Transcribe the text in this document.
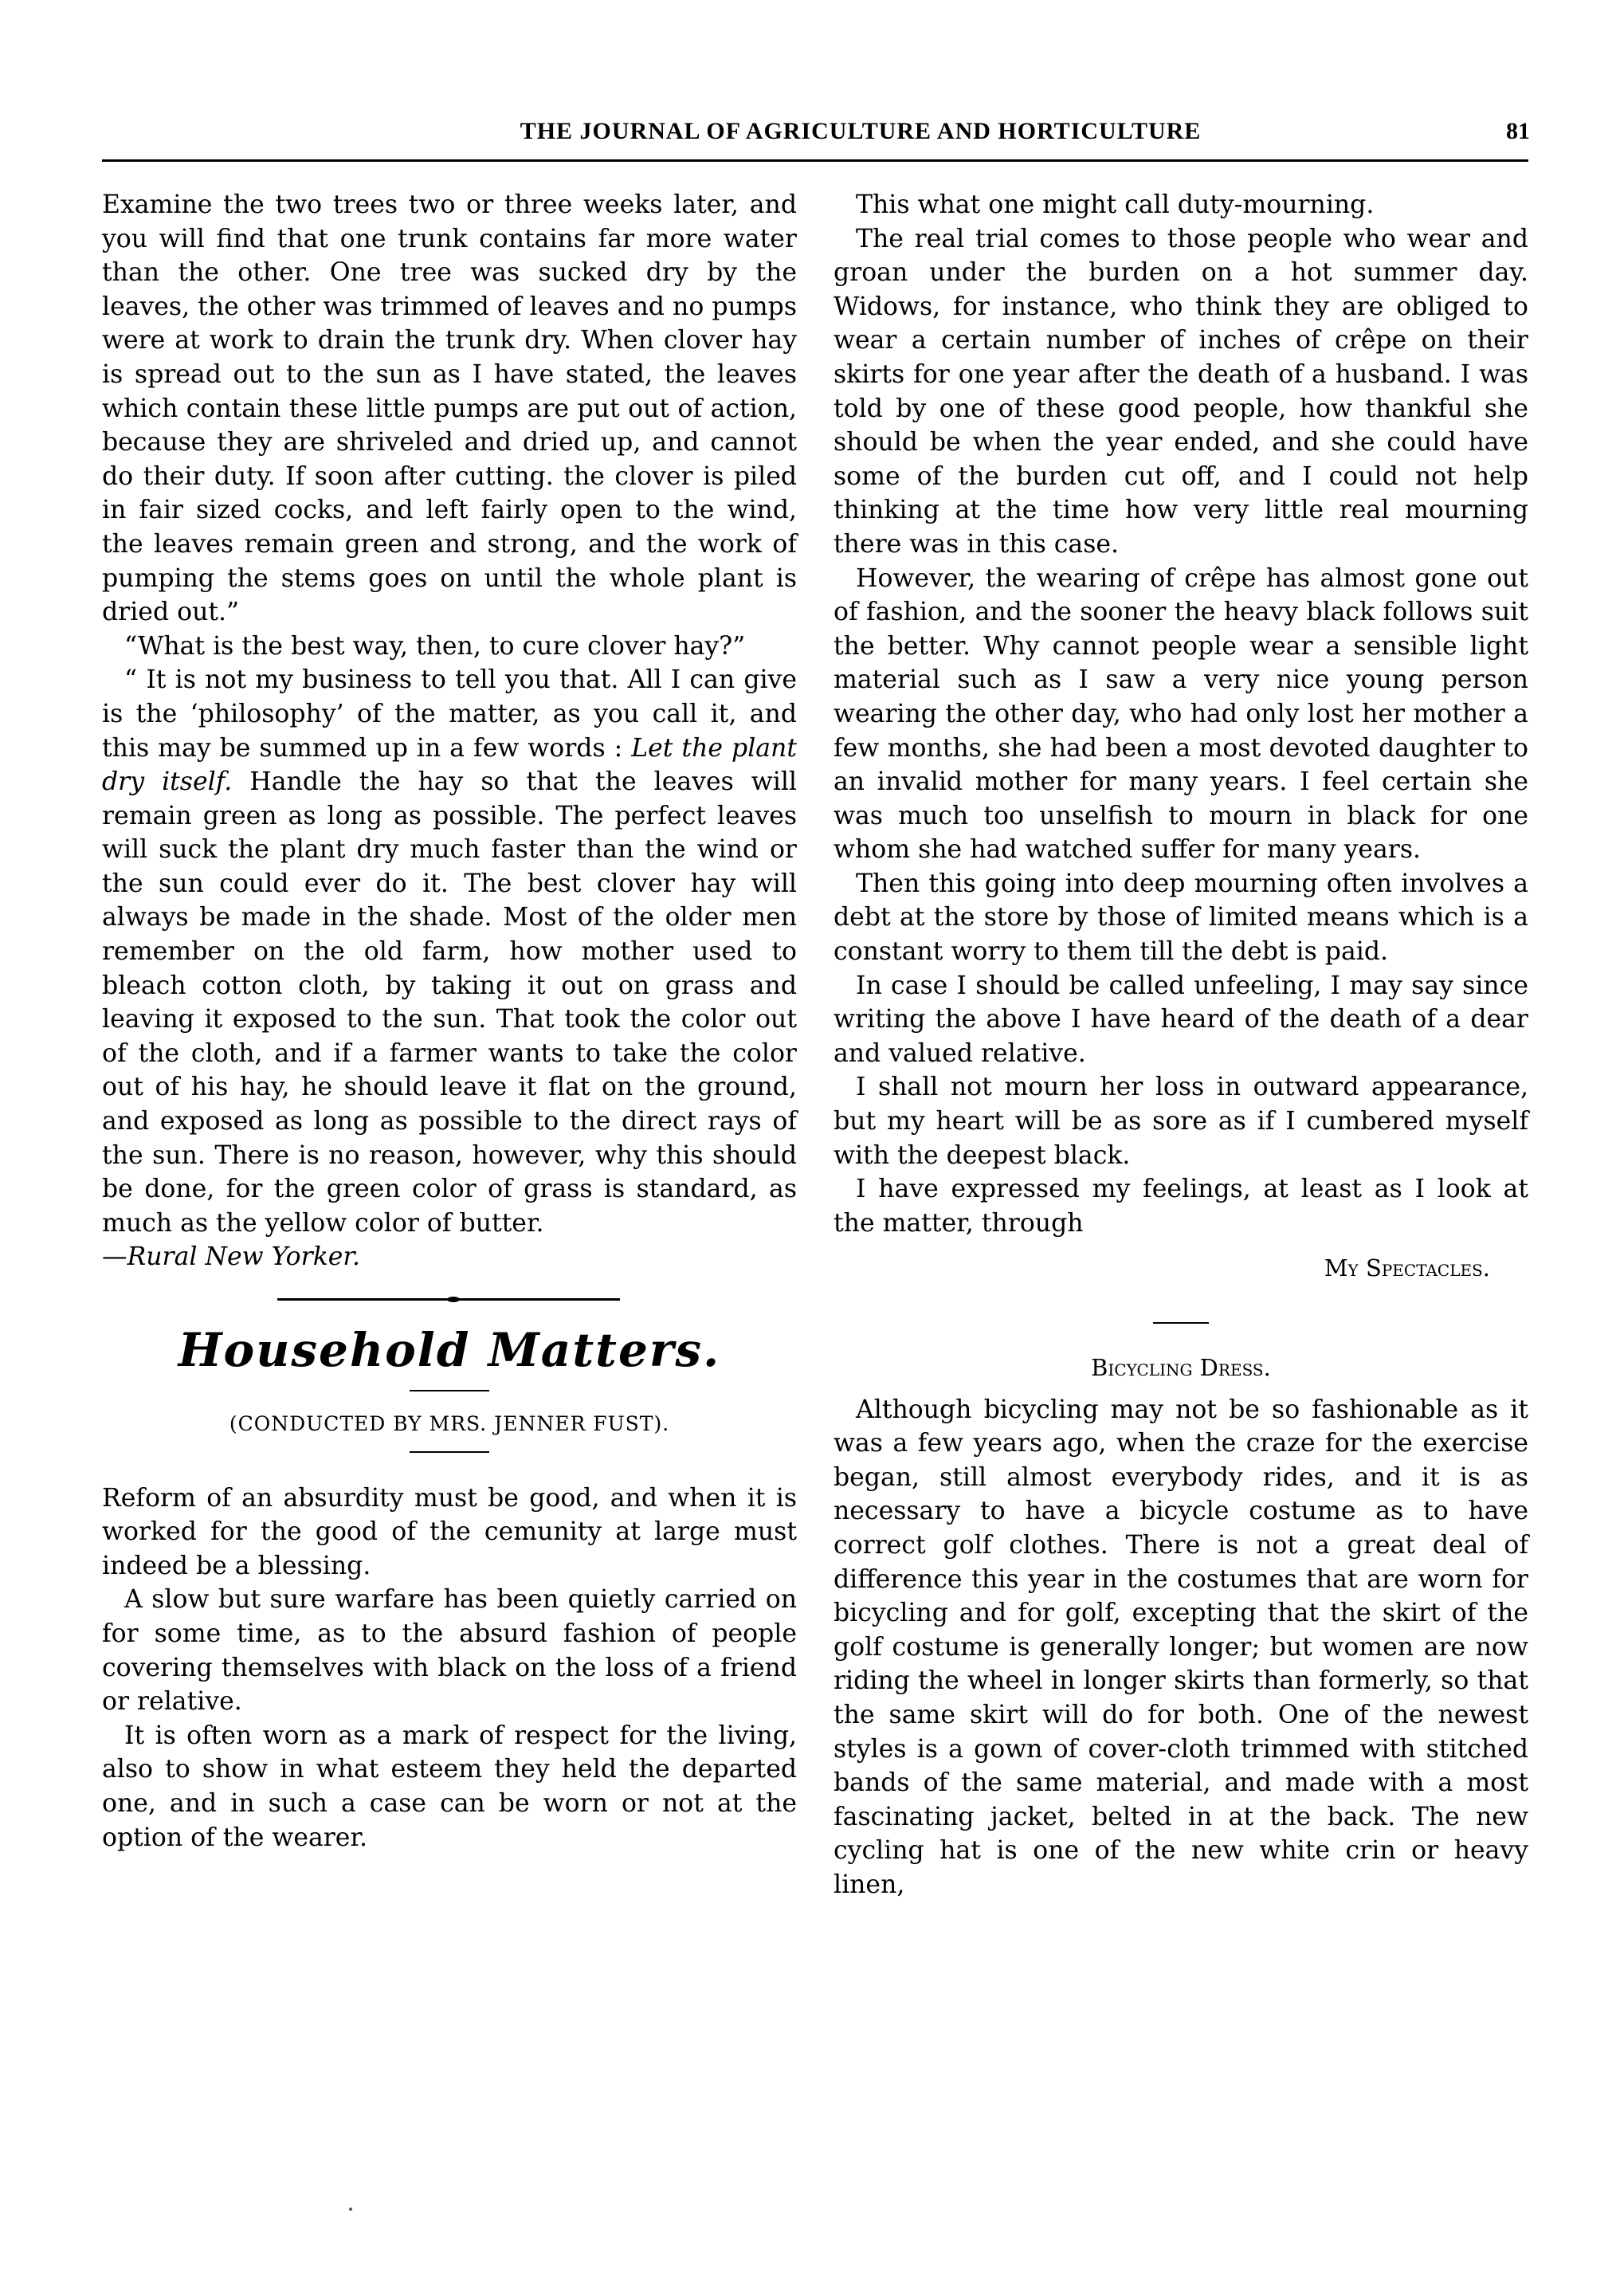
THE JOURNAL OF AGRICULTURE AND HORTICULTURE	81

Examine the two trees two or three weeks later, and you will find that one trunk contains far more water than the other. One tree was sucked dry by the leaves, the other was trimmed of leaves and no pumps were at work to drain the trunk dry. When clover hay is spread out to the sun as I have stated, the leaves which contain these little pumps are put out of action, because they are shriveled and dried up, and cannot do their duty. If soon after cutting. the clover is piled in fair sized cocks, and left fairly open to the wind, the leaves remain green and strong, and the work of pumping the stems goes on until the whole plant is dried out.”

“What is the best way, then, to cure clover hay?”

“ It is not my business to tell you that. All I can give is the ‘philosophy’ of the matter, as you call it, and this may be summed up in a few words : Let the plant dry itself. Handle the hay so that the leaves will remain green as long as possible. The perfect leaves will suck the plant dry much faster than the wind or the sun could ever do it. The best clover hay will always be made in the shade. Most of the older men remember on the old farm, how mother used to bleach cotton cloth, by taking it out on grass and leaving it exposed to the sun. That took the color out of the cloth, and if a farmer wants to take the color out of his hay, he should leave it flat on the ground, and exposed as long as possible to the direct rays of the sun. There is no reason, however, why this should be done, for the green color of grass is standard, as much as the yellow color of butter.

—Rural New Yorker.

Household Matters.
(CONDUCTED BY MRS. JENNER FUST).

Reform of an absurdity must be good, and when it is worked for the good of the cemunity at large must indeed be a blessing.

A slow but sure warfare has been quietly carried on for some time, as to the absurd fashion of people covering themselves with black on the loss of a friend or relative.

It is often worn as a mark of respect for the living, also to show in what esteem they held the departed one, and in such a case can be worn or not at the option of the wearer.

This what one might call duty-mourning.

The real trial comes to those people who wear and groan under the burden on a hot summer day. Widows, for instance, who think they are obliged to wear a certain number of inches of crêpe on their skirts for one year after the death of a husband. I was told by one of these good people, how thankful she should be when the year ended, and she could have some of the burden cut off, and I could not help thinking at the time how very little real mourning there was in this case.

However, the wearing of crêpe has almost gone out of fashion, and the sooner the heavy black follows suit the better. Why cannot people wear a sensible light material such as I saw a very nice young person wearing the other day, who had only lost her mother a few months, she had been a most devoted daughter to an invalid mother for many years. I feel certain she was much too unselfish to mourn in black for one whom she had watched suffer for many years.

Then this going into deep mourning often involves a debt at the store by those of limited means which is a constant worry to them till the debt is paid.

In case I should be called unfeeling, I may say since writing the above I have heard of the death of a dear and valued relative.

I shall not mourn her loss in outward appearance, but my heart will be as sore as if I cumbered myself with the deepest black.

I have expressed my feelings, at least as I look at the matter, through

My Spectacles.
Bicycling Dress.

Although bicycling may not be so fashionable as it was a few years ago, when the craze for the exercise began, still almost everybody rides, and it is as necessary to have a bicycle costume as to have correct golf clothes. There is not a great deal of difference this year in the costumes that are worn for bicycling and for golf, excepting that the skirt of the golf costume is generally longer; but women are now riding the wheel in longer skirts than formerly, so that the same skirt will do for both. One of the newest styles is a gown of cover-cloth trimmed with stitched bands of the same material, and made with a most fascinating jacket, belted in at the back. The new cycling hat is one of the new white crin or heavy linen,
